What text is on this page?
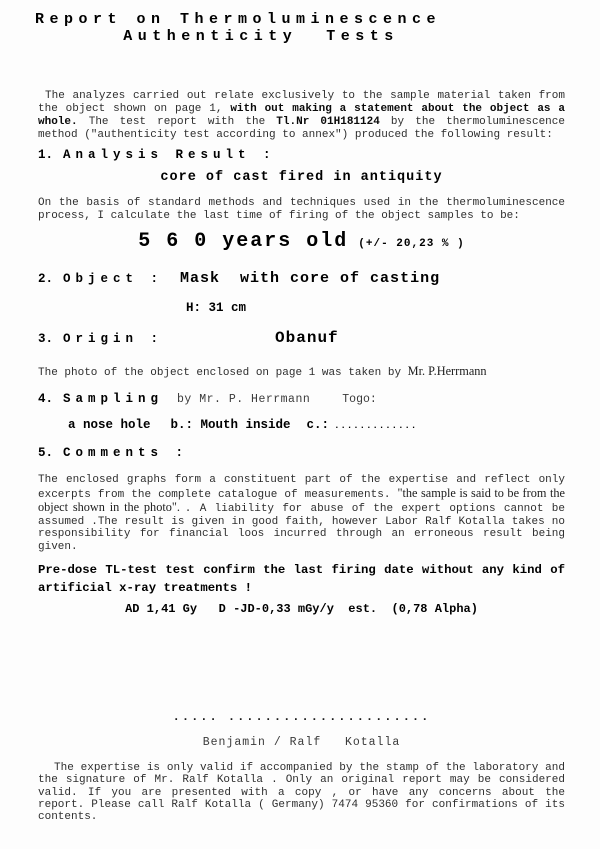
Report on Thermoluminescence
Authenticity  Tests
The analyzes carried out relate exclusively to the sample material taken from the object shown on page 1, with out making a statement about the object as a whole. The test report with the Tl.Nr 01H181124 by the thermoluminescence method ("authenticity test according to annex") produced the following result:
1. Analysis Result :
core of cast fired in antiquity
On the basis of standard methods and techniques used in the thermoluminescence process, I calculate the last time of firing of the object samples to be:
5 6 0 years old (+/- 20,23 % )
2. Object : Mask  with core of casting
H: 31 cm
3. Origin :	Obanuf
The photo of the object enclosed on page 1 was taken by Mr. P.Herrmann
4. Sampling by Mr. P. Herrmann	Togo:
a nose hole b.: Mouth inside c.: .............
5. Comments :
The enclosed graphs form a constituent part of the expertise and reflect only excerpts from the complete catalogue of measurements. "the sample is said to be from the object shown in the photo". . A liability for abuse of the expert options cannot be assumed .The result is given in good faith, however Labor Ralf Kotalla takes no responsibility for financial loos incurred through an erroneous result being given.
Pre-dose TL-test test confirm the last firing date without any kind of artificial x-ray treatments !
AD 1,41 Gy   D -JD-0,33 mGy/y  est.  (0,78 Alpha)
..... ......................
Benjamin / Ralf   Kotalla
The expertise is only valid if accompanied by the stamp of the laboratory and the signature of Mr. Ralf Kotalla . Only an original report may be considered valid. If you are presented with a copy , or have any concerns about the report. Please call Ralf Kotalla ( Germany) 7474 95360 for confirmations of its contents.
